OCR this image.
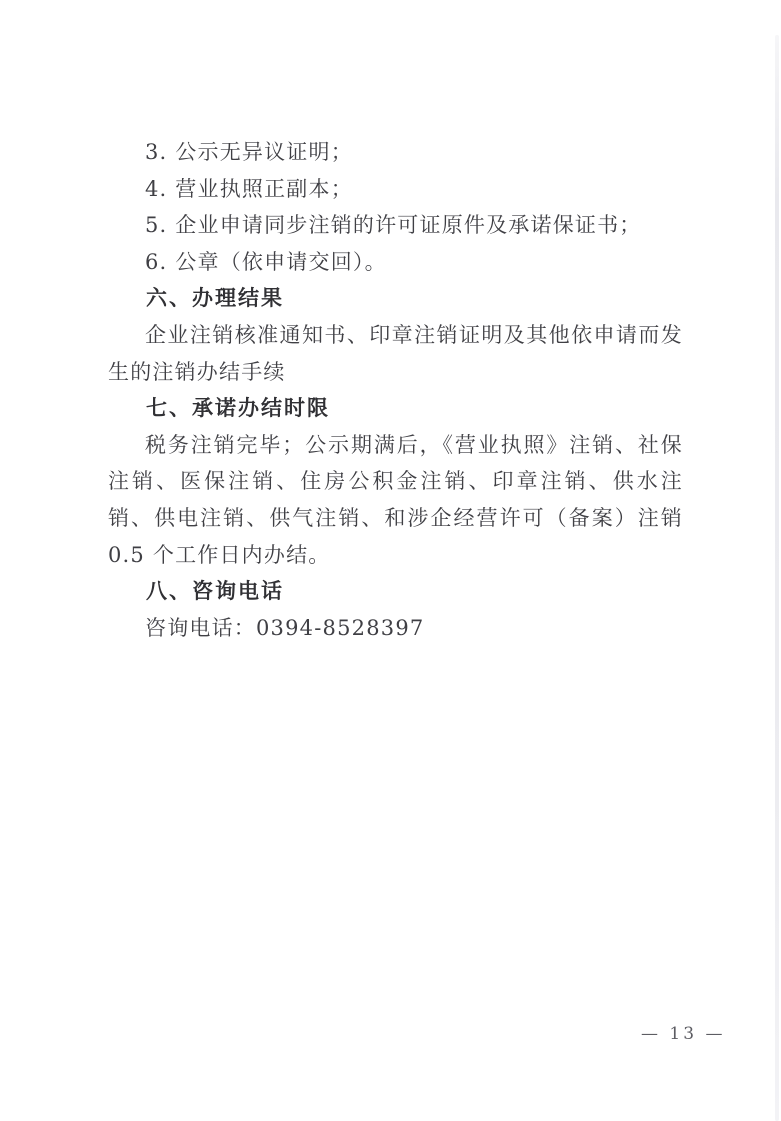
3. 公示无异议证明；

4. 营业执照正副本；

5. 企业申请同步注销的许可证原件及承诺保证书；

6. 公章（依申请交回）。

六、办理结果

企业注销核准通知书、印章注销证明及其他依申请而发生的注销办结手续

七、承诺办结时限

税务注销完毕；公示期满后，《营业执照》注销、社保注销、医保注销、住房公积金注销、印章注销、供水注销、供电注销、供气注销、和涉企经营许可（备案）注销 0.5 个工作日内办结。

八、咨询电话

咨询电话：0394-8528397

— 13 —
